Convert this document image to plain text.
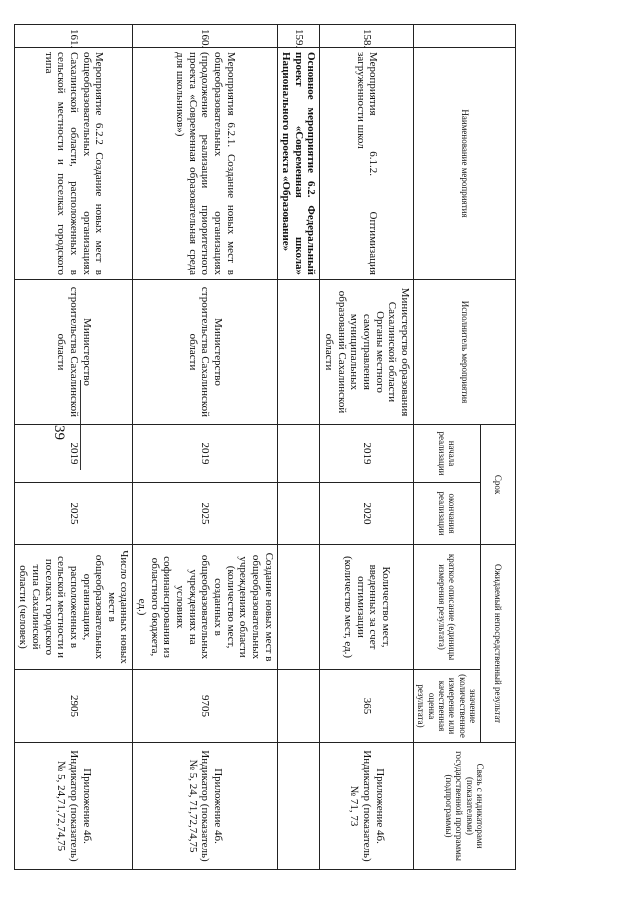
39
	Наименование мероприятия	Исполнитель мероприятия	Срок		Ожидаемый непосредственный результат		Связь с индикаторами (показателями) государственной программы (подпрограммы)
			начала реализации	окончания реализации	краткое описание (единицы измерения результата)	значение (количественное измерение или качественная оценка результата)	
158.	Мероприятия 6.1.2. Оптимизация загруженности школ	Министерство образования Сахалинской области Органы местного самоуправления муниципальных образований Сахалинской области	2019	2020	Количество мест, введенных за счет оптимизации (количество мест, ед.)	365	Приложение 4б. Индикатор (показатель) № 71, 73
159.	Основное мероприятие 6.2. Федеральный проект «Современная школа» Национального проекта «Образование»						
160.	Мероприятия 6.2.1. Создание новых мест в общеобразовательных организациях (продолжение реализации приоритетного проекта «Современная образовательная среда для школьников»)	Министерство строительства Сахалинской области	2019	2025	Создание новых мест в общеобразовательных учреждениях области (количество мест, созданных в общеобразовательных учреждениях на условиях софинансирования из областного бюджета, ед.)	9705	Приложение 4б. Индикатор (показатель) № 5, 24, 71,72,74,75
161.	Мероприятие 6.2.2 Создание новых мест в общеобразовательных организациях Сахалинской области, расположенных в сельской местности и поселках городского типа	Министерство строительства Сахалинской области	2019	2025	Число созданных новых мест в общеобразовательных организациях, расположенных в сельской местности и поселках городского типа Сахалинской области (человек)	2905	Приложение 4б. Индикатор (показатель) № 5, 24,71,72,74,75
